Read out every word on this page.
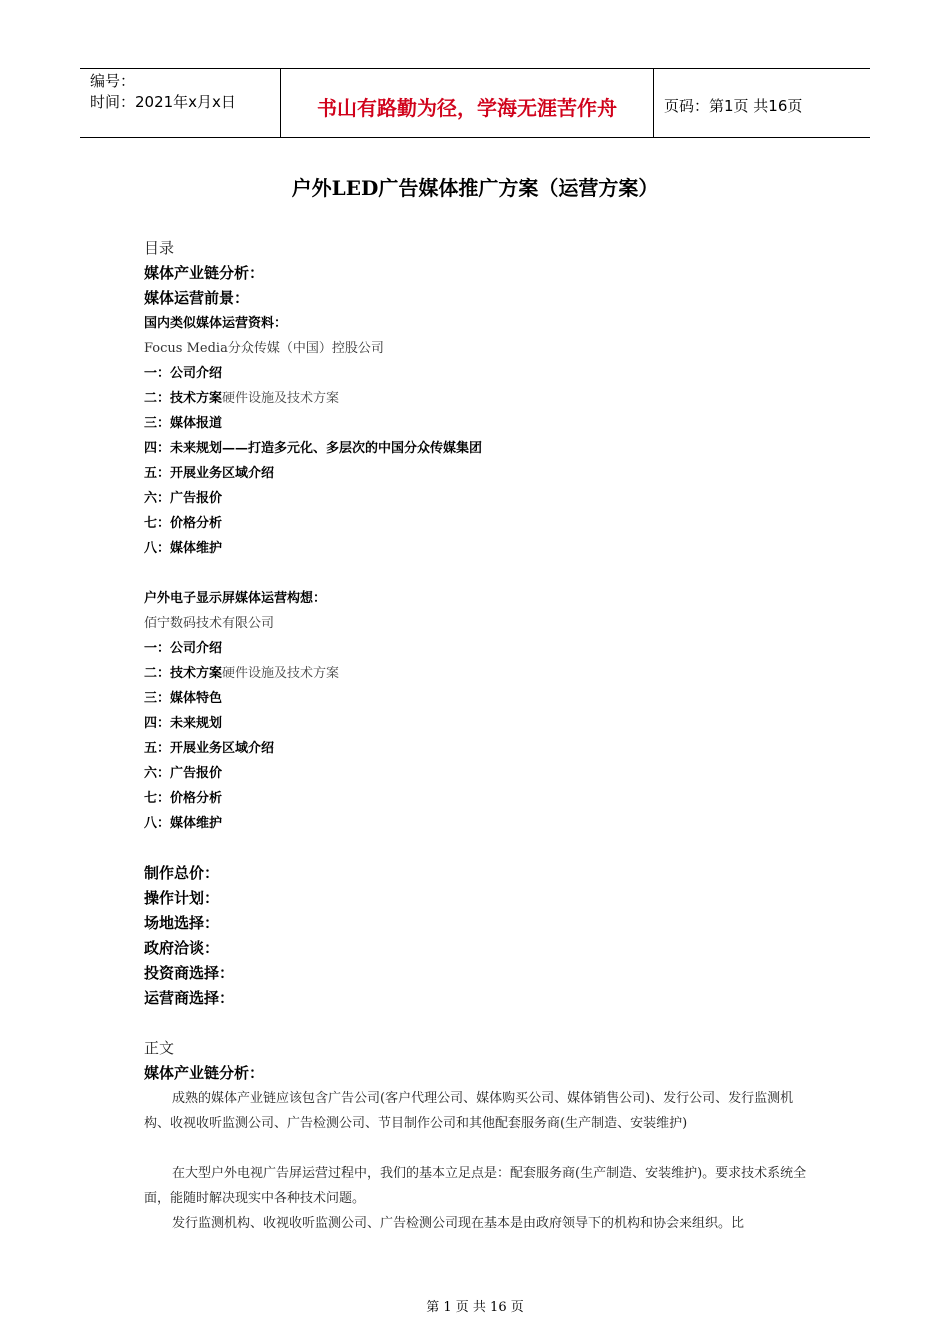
编号：
时间：2021年x月x日	书山有路勤为径，学海无涯苦作舟	页码：第1页 共16页
户外LED广告媒体推广方案（运营方案）
目录
媒体产业链分析：
媒体运营前景：
国内类似媒体运营资料：
Focus Media分众传媒（中国）控股公司
一：公司介绍
二：技术方案硬件设施及技术方案
三：媒体报道
四：未来规划——打造多元化、多层次的中国分众传媒集团
五：开展业务区域介绍
六：广告报价
七：价格分析
八：媒体维护
户外电子显示屏媒体运营构想：
佰宁数码技术有限公司
一：公司介绍
二：技术方案硬件设施及技术方案
三：媒体特色
四：未来规划
五：开展业务区域介绍
六：广告报价
七：价格分析
八：媒体维护
制作总价：
操作计划：
场地选择：
政府洽谈：
投资商选择：
运营商选择：
正文
媒体产业链分析：

成熟的媒体产业链应该包含广告公司(客户代理公司、媒体购买公司、媒体销售公司)、发行公司、发行监测机构、收视收听监测公司、广告检测公司、节目制作公司和其他配套服务商(生产制造、安装维护)

在大型户外电视广告屏运营过程中，我们的基本立足点是：配套服务商(生产制造、安装维护)。要求技术系统全面，能随时解决现实中各种技术问题。

发行监测机构、收视收听监测公司、广告检测公司现在基本是由政府领导下的机构和协会来组织。比

第 1 页 共 16 页
